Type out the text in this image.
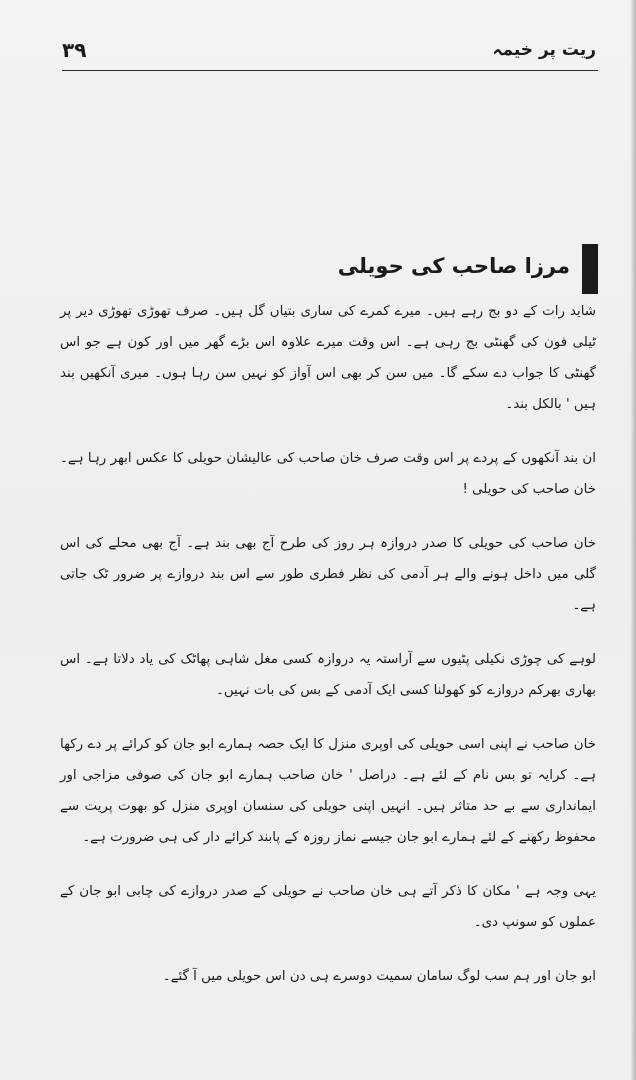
۳۹	ریت پر خیمہ
مرزا صاحب کی حویلی

شاید رات کے دو بج رہے ہیں۔ میرے کمرے کی ساری بتیاں گل ہیں۔ صرف تھوڑی تھوڑی دیر پر ٹیلی فون کی گھنٹی بج رہی ہے۔ اس وقت میرے علاوہ اس بڑے گھر میں اور کون ہے جو اس گھنٹی کا جواب دے سکے گا۔ میں سن کر بھی اس آواز کو نہیں سن رہا ہوں۔ میری آنکھیں بند ہیں ' بالکل بند۔

ان بند آنکھوں کے پردے پر اس وقت صرف خان صاحب کی عالیشان حویلی کا عکس ابھر رہا ہے۔ خان صاحب کی حویلی !

خان صاحب کی حویلی کا صدر دروازہ ہر روز کی طرح آج بھی بند ہے۔ آج بھی محلے کی اس گلی میں داخل ہونے والے ہر آدمی کی نظر فطری طور سے اس بند دروازے پر ضرور ٹک جاتی ہے۔

لوہے کی چوڑی نکیلی پٹیوں سے آراستہ یہ دروازہ کسی مغل شاہی پھاٹک کی یاد دلاتا ہے۔ اس بھاری بھرکم دروازے کو کھولنا کسی ایک آدمی کے بس کی بات نہیں۔

خان صاحب نے اپنی اسی حویلی کی اوپری منزل کا ایک حصہ ہمارے ابو جان کو کرائے پر دے رکھا ہے۔ کرایہ تو بس نام کے لئے ہے۔ دراصل ' خان صاحب ہمارے ابو جان کی صوفی مزاجی اور ایمانداری سے بے حد متاثر ہیں۔ انہیں اپنی حویلی کی سنسان اوپری منزل کو بھوت پریت سے محفوظ رکھنے کے لئے ہمارے ابو جان جیسے نماز روزہ کے پابند کرائے دار کی ہی ضرورت ہے۔

یہی وجہ ہے ' مکان کا ذکر آتے ہی خان صاحب نے حویلی کے صدر دروازے کی چابی ابو جان کے عملوں کو سونپ دی۔

ابو جان اور ہم سب لوگ سامان سمیت دوسرے ہی دن اس حویلی میں آ گئے۔
